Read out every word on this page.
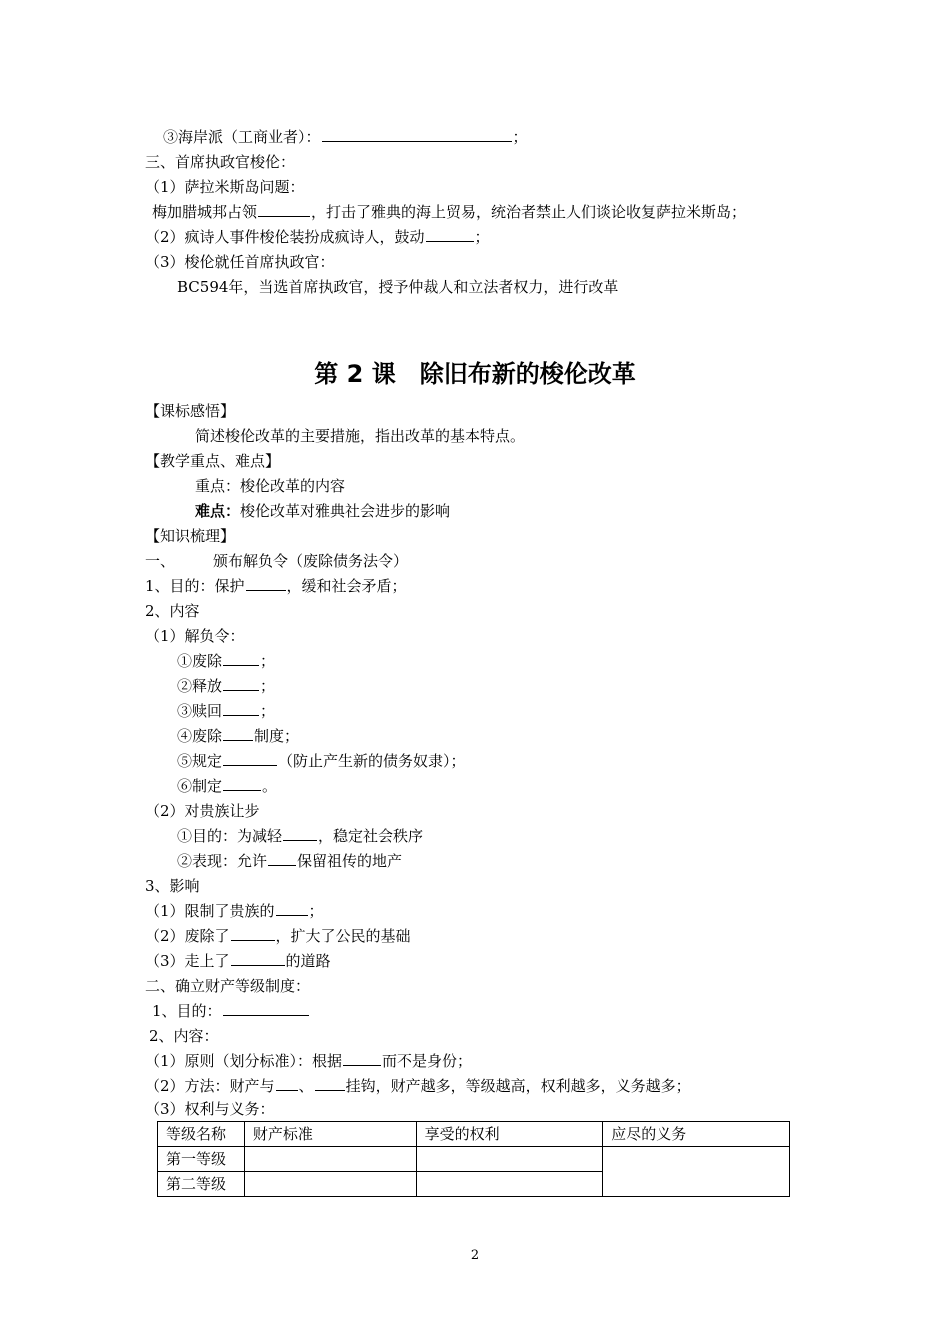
③海岸派（工商业者）：	；
三、首席执政官梭伦：
（1）萨拉米斯岛问题：
梅加腊城邦占领	，打击了雅典的海上贸易，统治者禁止人们谈论收复萨拉米斯岛；
（2）疯诗人事件梭伦装扮成疯诗人，鼓动	；
（3）梭伦就任首席执政官：
BC594年，当选首席执政官，授予仲裁人和立法者权力，进行改革
第 2 课　除旧布新的梭伦改革
【课标感悟】
简述梭伦改革的主要措施，指出改革的基本特点。
【教学重点、难点】
重点：梭伦改革的内容
难点：梭伦改革对雅典社会进步的影响
【知识梳理】
一、	颁布解负令（废除债务法令）
1、目的：保护	，缓和社会矛盾；
2、内容
（1）解负令：
①废除	；
②释放	；
③赎回	；
④废除 制度；
⑤规定	（防止产生新的债务奴隶）；
⑥制定	。
（2）对贵族让步
①目的：为减轻 ，稳定社会秩序
②表现：允许 保留祖传的地产
3、影响
（1）限制了贵族的 ；
（2）废除了	，扩大了公民的基础
（3）走上了	的道路
二、确立财产等级制度：
1、目的：
2、内容：
（1）原则（划分标准）：根据	而不是身份；
（2）方法：财产与 、 挂钩，财产越多，等级越高，权利越多，义务越多；
（3）权利与义务：
等级名称	财产标准	享受的权利	应尽的义务
第一等级			
第二等级			
2
